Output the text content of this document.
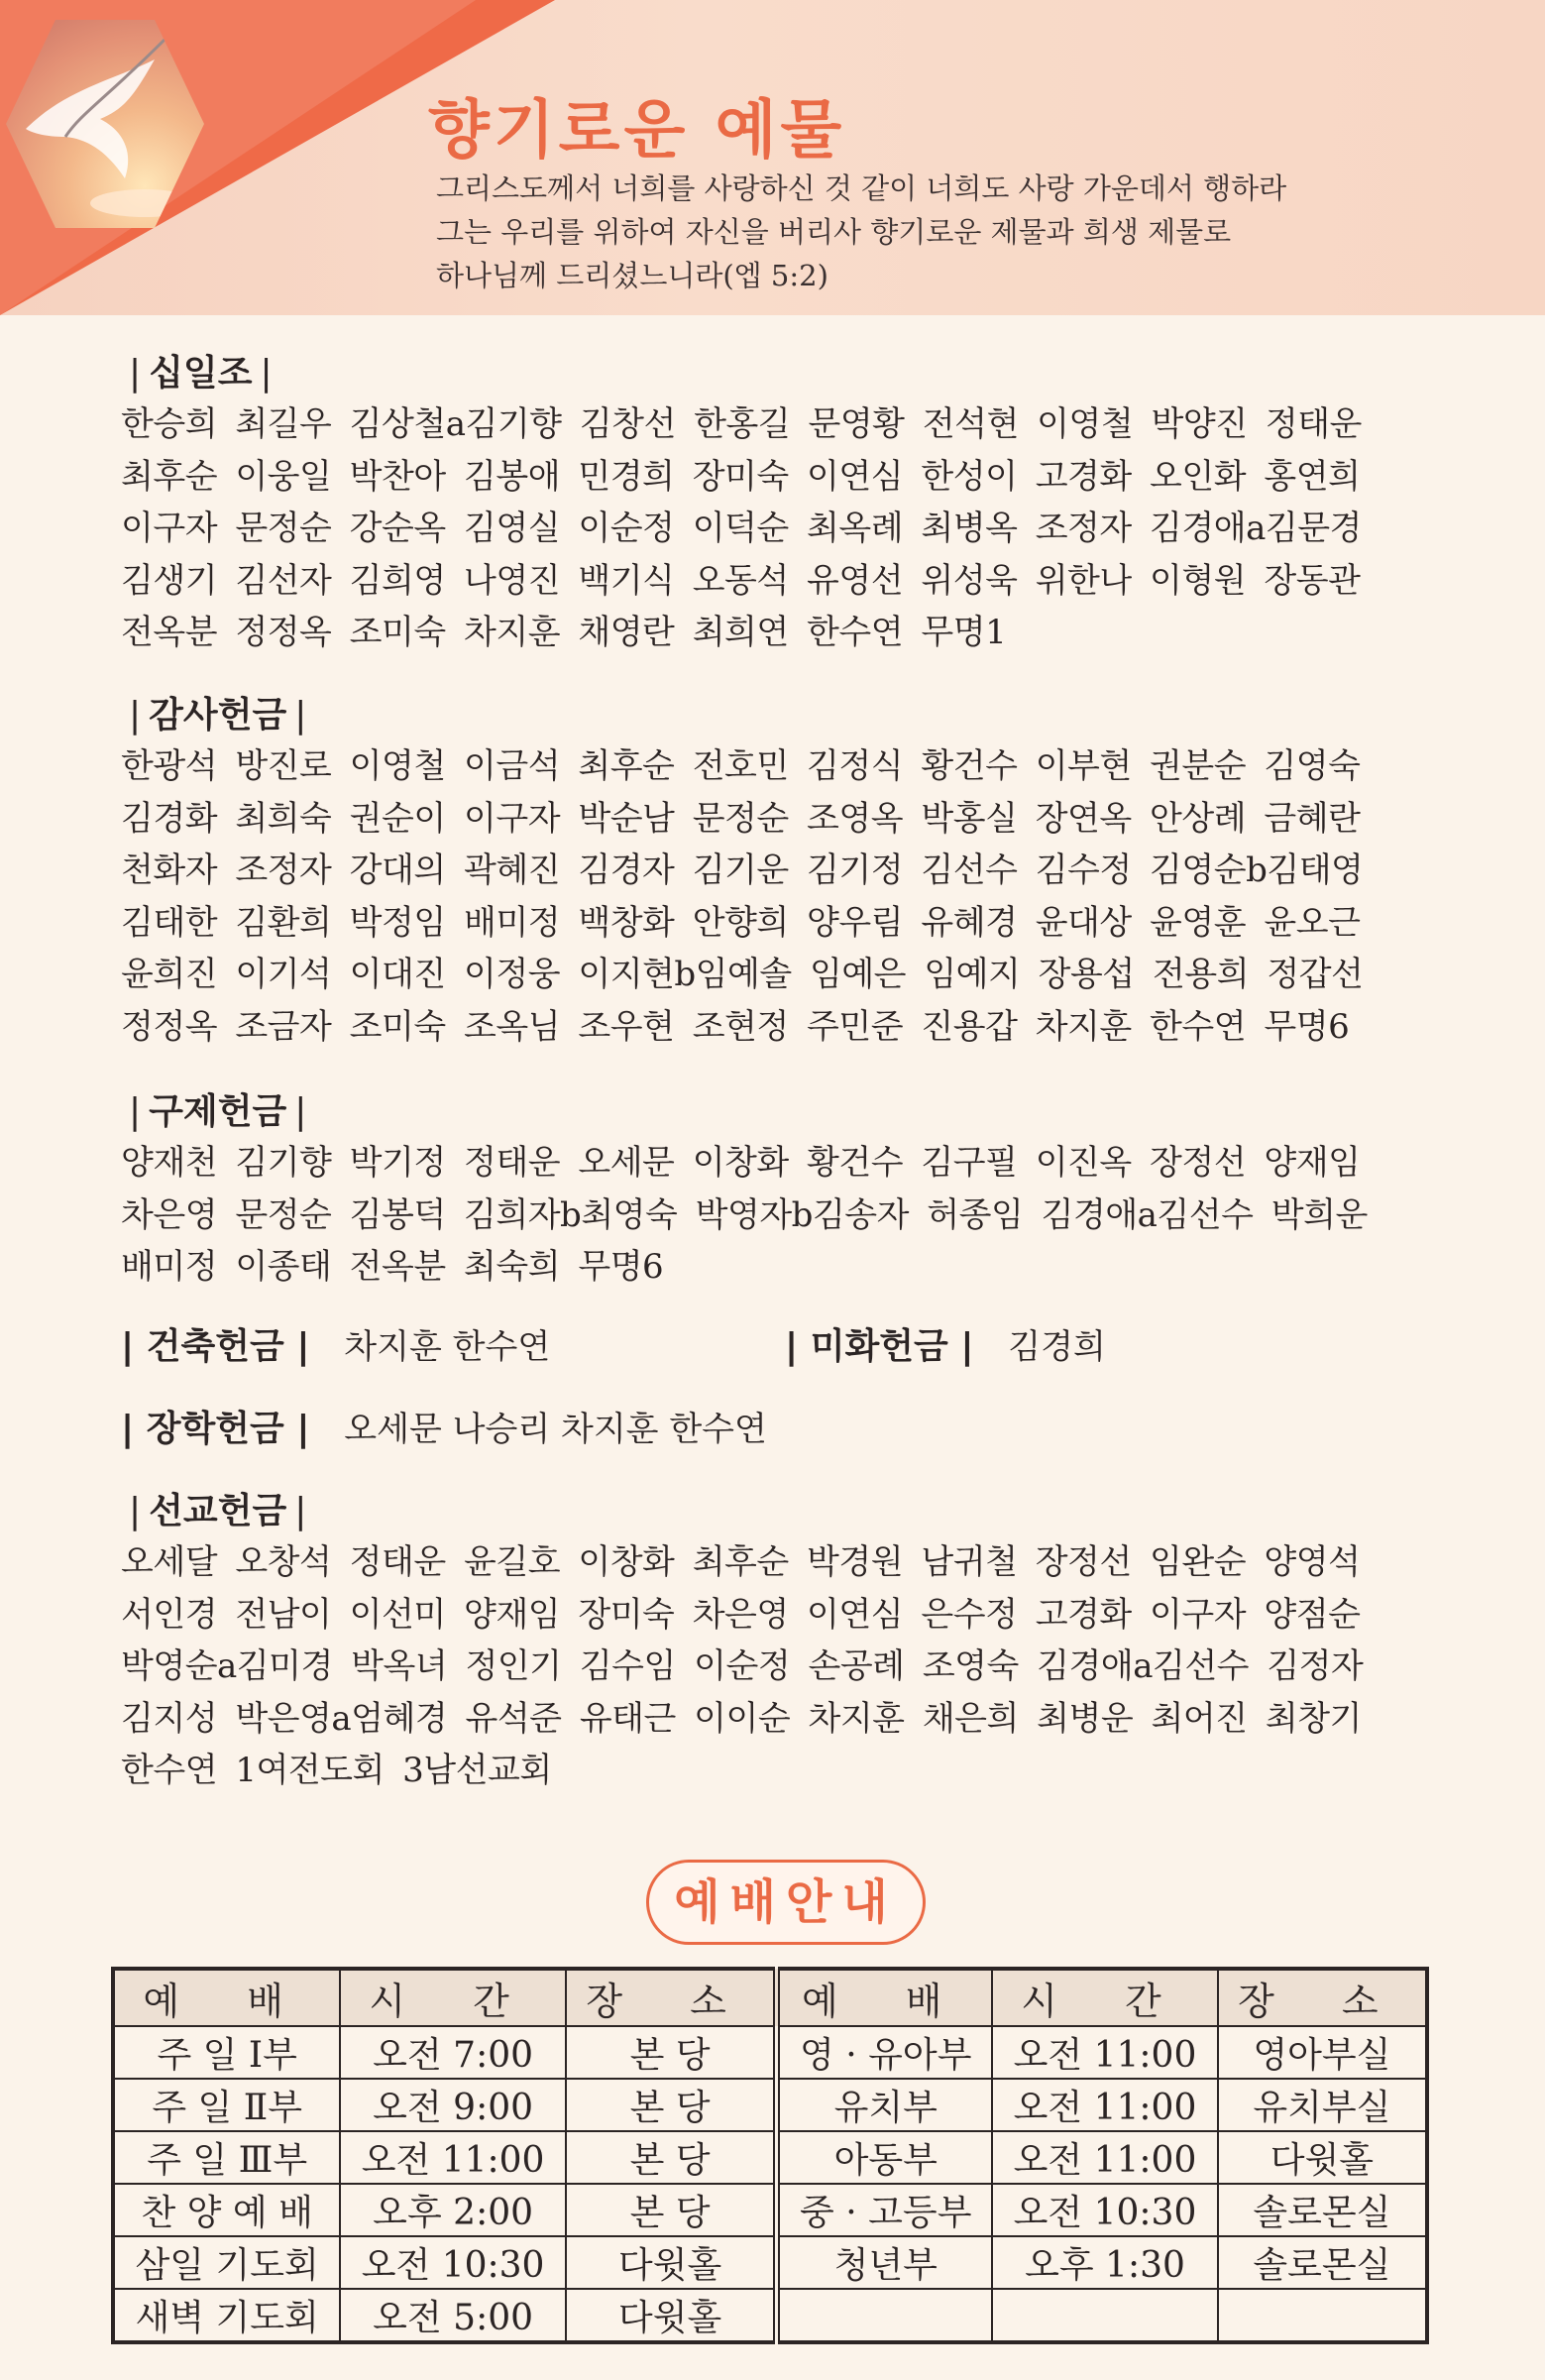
향기로운 예물
그리스도께서 너희를 사랑하신 것 같이 너희도 사랑 가운데서 행하라
그는 우리를 위하여 자신을 버리사 향기로운 제물과 희생 제물로
하나님께 드리셨느니라(엡 5:2)
| 십일조 |
한승희 최길우 김상철a김기향 김창선 한홍길 문영황 전석현 이영철 박양진 정태운
최후순 이웅일 박찬아 김봉애 민경희 장미숙 이연심 한성이 고경화 오인화 홍연희
이구자 문정순 강순옥 김영실 이순정 이덕순 최옥례 최병옥 조정자 김경애a김문경
김생기 김선자 김희영 나영진 백기식 오동석 유영선 위성욱 위한나 이형원 장동관
전옥분 정정옥 조미숙 차지훈 채영란 최희연 한수연 무명1
| 감사헌금 |
한광석 방진로 이영철 이금석 최후순 전호민 김정식 황건수 이부현 권분순 김영숙
김경화 최희숙 권순이 이구자 박순남 문정순 조영옥 박홍실 장연옥 안상례 금혜란
천화자 조정자 강대의 곽혜진 김경자 김기운 김기정 김선수 김수정 김영순b김태영
김태한 김환희 박정임 배미정 백창화 안향희 양우림 유혜경 윤대상 윤영훈 윤오근
윤희진 이기석 이대진 이정웅 이지현b임예솔 임예은 임예지 장용섭 전용희 정갑선
정정옥 조금자 조미숙 조옥님 조우현 조현정 주민준 진용갑 차지훈 한수연 무명6
| 구제헌금 |
양재천 김기향 박기정 정태운 오세문 이창화 황건수 김구필 이진옥 장정선 양재임
차은영 문정순 김봉덕 김희자b최영숙 박영자b김송자 허종임 김경애a김선수 박희운
배미정 이종태 전옥분 최숙희 무명6
| 건축헌금 | 차지훈 한수연	| 미화헌금 | 김경희
| 장학헌금 | 오세문 나승리 차지훈 한수연
| 선교헌금 |
오세달 오창석 정태운 윤길호 이창화 최후순 박경원 남귀철 장정선 임완순 양영석
서인경 전남이 이선미 양재임 장미숙 차은영 이연심 은수정 고경화 이구자 양점순
박영순a김미경 박옥녀 정인기 김수임 이순정 손공례 조영숙 김경애a김선수 김정자
김지성 박은영a엄혜경 유석준 유태근 이이순 차지훈 채은희 최병운 최어진 최창기
한수연 1여전도회 3남선교회
예배안내
예 배	시 간	장 소	예 배	시 간	장 소
주 일 Ⅰ부	오전 7:00	본 당	영 · 유아부	오전 11:00	영아부실
주 일 Ⅱ부	오전 9:00	본 당	유치부	오전 11:00	유치부실
주 일 Ⅲ부	오전 11:00	본 당	아동부	오전 11:00	다윗홀
찬 양 예 배	오후 2:00	본 당	중 · 고등부	오전 10:30	솔로몬실
삼일 기도회	오전 10:30	다윗홀	청년부	오후 1:30	솔로몬실
새벽 기도회	오전 5:00	다윗홀			
